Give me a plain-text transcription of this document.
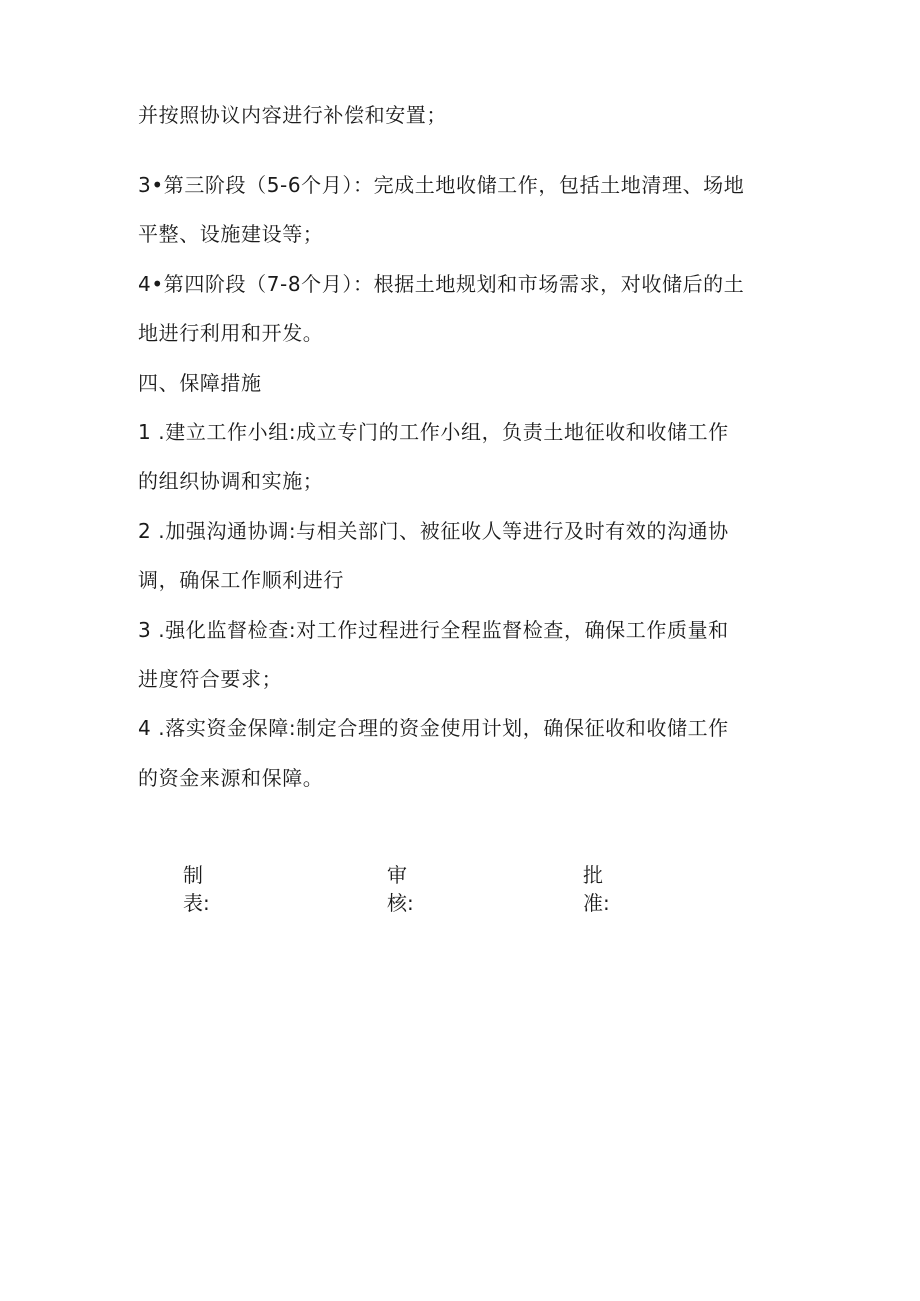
并按照协议内容进行补偿和安置；
3•第三阶段（5-6个月）：完成土地收储工作，包括土地清理、场地
平整、设施建设等；
4•第四阶段（7-8个月）：根据土地规划和市场需求，对收储后的土
地进行利用和开发。
四、保障措施
1 .建立工作小组:成立专门的工作小组，负责土地征收和收储工作
的组织协调和实施；
2 .加强沟通协调:与相关部门、被征收人等进行及时有效的沟通协
调，确保工作顺利进行
3 .强化监督检查:对工作过程进行全程监督检查，确保工作质量和
进度符合要求；
4 .落实资金保障:制定合理的资金使用计划，确保征收和收储工作
的资金来源和保障。
制
表:
审
核:
批
准:
